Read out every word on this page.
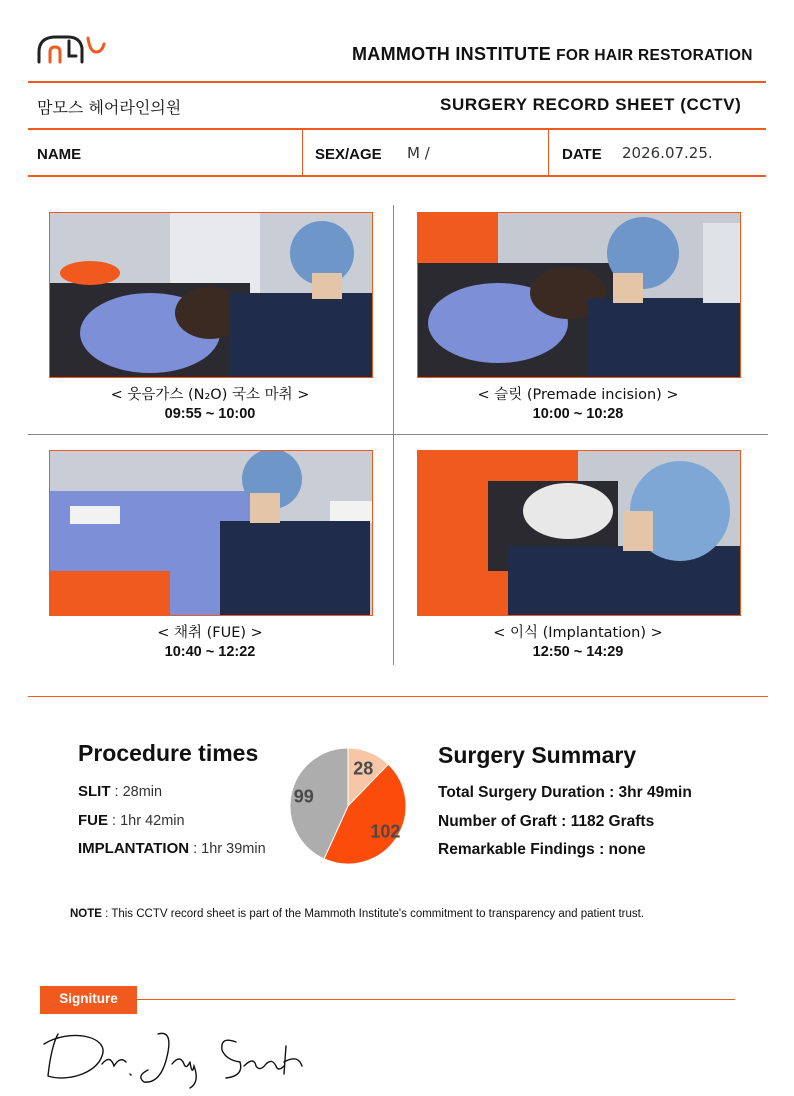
MAMMOTH INSTITUTE FOR HAIR RESTORATION
맘모스 헤어라인의원	SURGERY RECORD SHEET (CCTV)
NAME	SEX/AGE M /	DATE 2026.07.25.
< 웃음가스 (N₂O) 국소 마취 >
09:55 ~ 10:00
< 슬릿 (Premade incision) >
10:00 ~ 10:28
< 채취 (FUE) >
10:40 ~ 12:22
< 이식 (Implantation) >
12:50 ~ 14:29
Procedure times
SLIT : 28min
FUE : 1hr 42min
IMPLANTATION : 1hr 39min
28
102
99
Surgery Summary
Total Surgery Duration : 3hr 49min
Number of Graft : 1182 Grafts
Remarkable Findings : none
NOTE : This CCTV record sheet is part of the Mammoth Institute's commitment to transparency and patient trust.
Signiture
